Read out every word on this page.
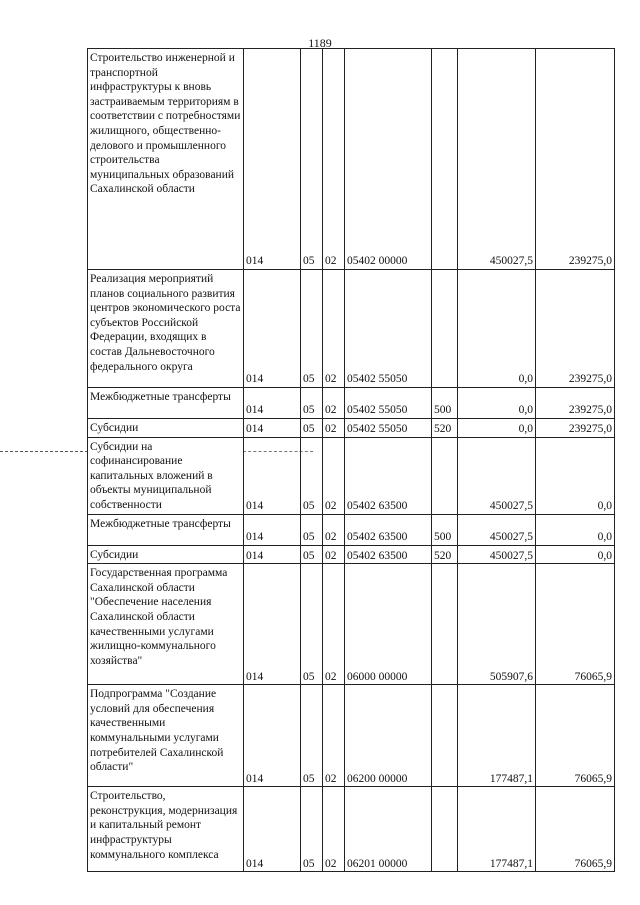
1189
Строительство инженерной и транспортной инфраструктуры к вновь застраиваемым территориям в соответствии с потребностями жилищного, общественно-делового и промышленного строительства муниципальных образований Сахалинской области	014	05	02	05402 00000		450027,5	239275,0
Реализация мероприятий планов социального развития центров экономического роста субъектов Российской Федерации, входящих в состав Дальневосточного федерального округа	014	05	02	05402 55050		0,0	239275,0
Межбюджетные трансферты	014	05	02	05402 55050	500	0,0	239275,0
Субсидии	014	05	02	05402 55050	520	0,0	239275,0
Субсидии на софинансирование капитальных вложений в объекты муниципальной собственности	014	05	02	05402 63500		450027,5	0,0
Межбюджетные трансферты	014	05	02	05402 63500	500	450027,5	0,0
Субсидии	014	05	02	05402 63500	520	450027,5	0,0
Государственная программа Сахалинской области "Обеспечение населения Сахалинской области качественными услугами жилищно-коммунального хозяйства"	014	05	02	06000 00000		505907,6	76065,9
Подпрограмма "Создание условий для обеспечения качественными коммунальными услугами потребителей Сахалинской области"	014	05	02	06200 00000		177487,1	76065,9
Строительство, реконструкция, модернизация и капитальный ремонт инфраструктуры коммунального комплекса	014	05	02	06201 00000		177487,1	76065,9
